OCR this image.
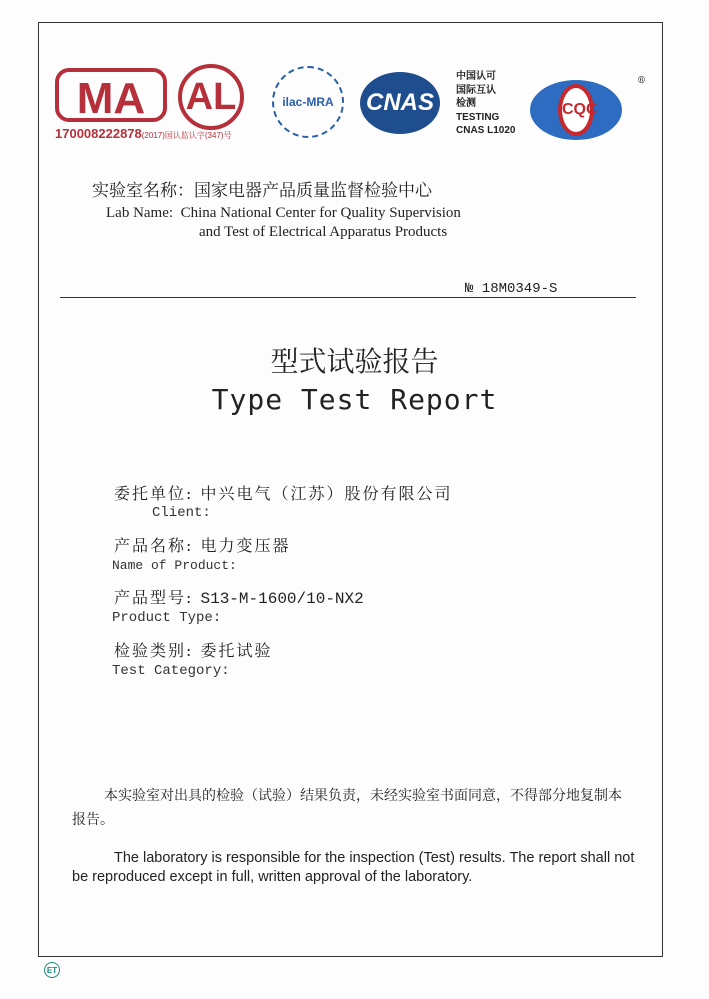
MA
170008222878(2017)国认监认字(347)号
AL	ilac-MRA	CNAS
中国认可
国际互认
检测
TESTING
CNAS L1020
CQC
®
实验室名称：国家电器产品质量监督检验中心
Lab Name: China National Center for Quality Supervision
and Test of Electrical Apparatus Products
№ 18M0349-S
型式试验报告
Type Test Report
委托单位: 中兴电气（江苏）股份有限公司
Client:
产品名称: 电力变压器
Name of Product:
产品型号: S13-M-1600/10-NX2
Product Type:
检验类别: 委托试验
Test Category:
本实验室对出具的检验（试验）结果负责，未经实验室书面同意，不得部分地复制本报告。
The laboratory is responsible for the inspection (Test) results. The report shall not be reproduced except in full, written approval of the laboratory.
ET
